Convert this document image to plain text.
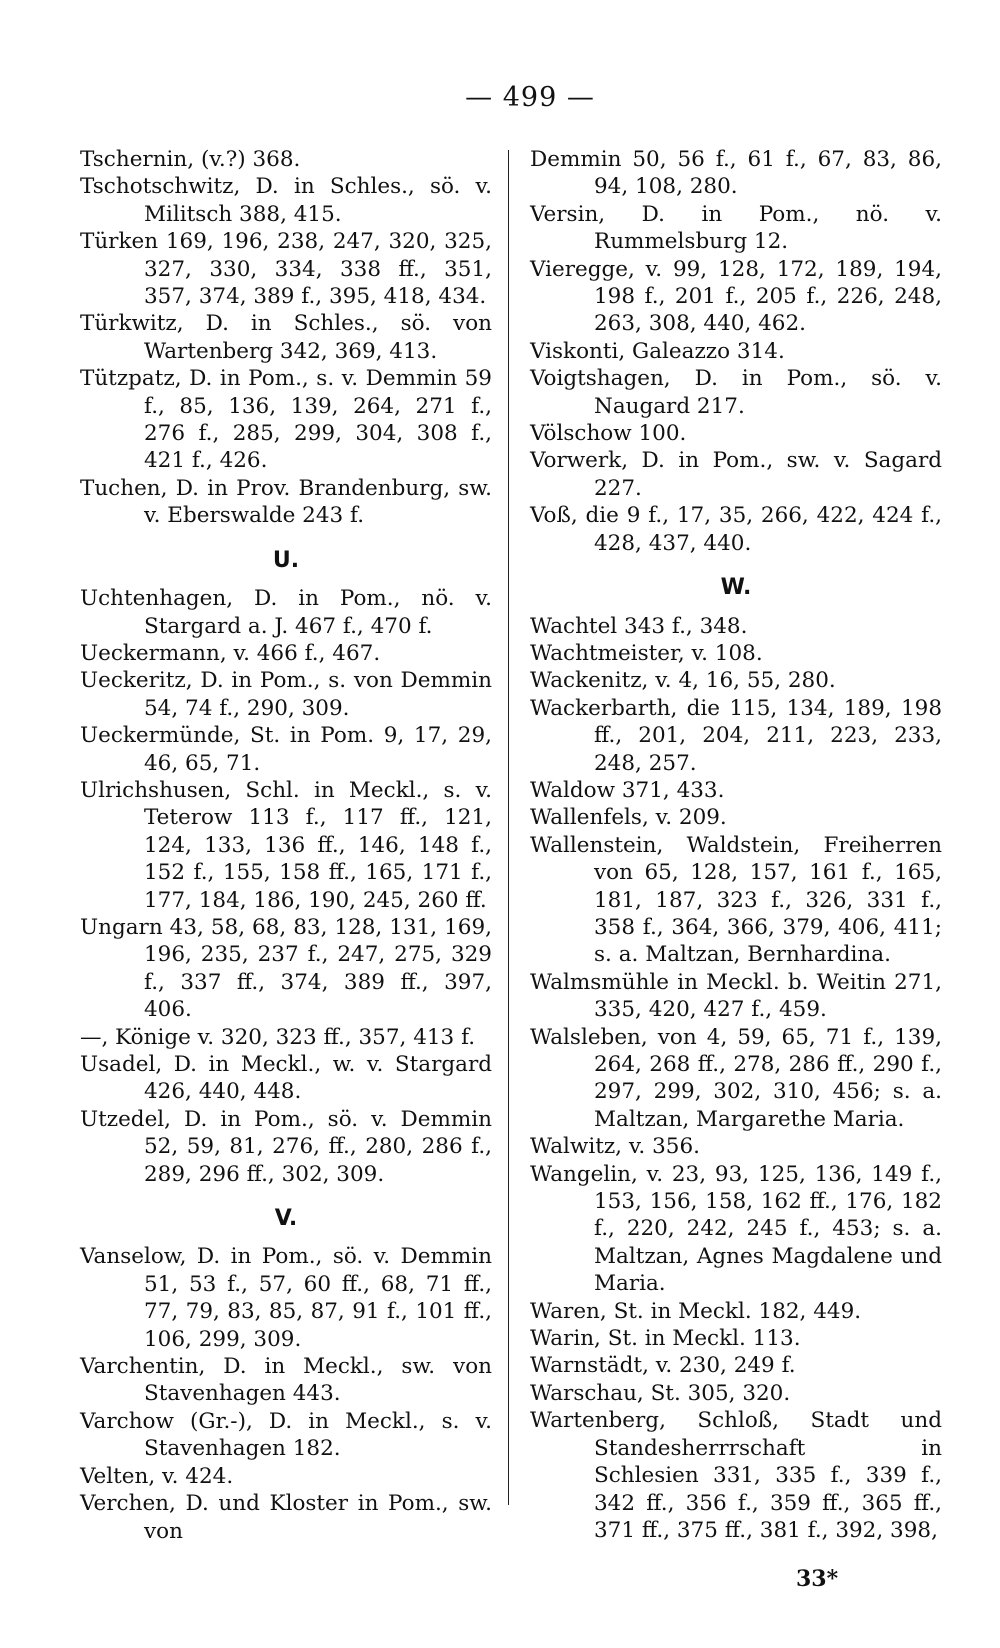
— 499 —
Tschernin, (v.?) 368.
Tschotschwitz, D. in Schles., sö. v. Militsch 388, 415.
Türken 169, 196, 238, 247, 320, 325, 327, 330, 334, 338 ff., 351, 357, 374, 389 f., 395, 418, 434.
Türkwitz, D. in Schles., sö. von Wartenberg 342, 369, 413.
Tützpatz, D. in Pom., s. v. Demmin 59 f., 85, 136, 139, 264, 271 f., 276 f., 285, 299, 304, 308 f., 421 f., 426.
Tuchen, D. in Prov. Brandenburg, sw. v. Eberswalde 243 f.
U.
Uchtenhagen, D. in Pom., nö. v. Stargard a. J. 467 f., 470 f.
Ueckermann, v. 466 f., 467.
Ueckeritz, D. in Pom., s. von Demmin 54, 74 f., 290, 309.
Ueckermünde, St. in Pom. 9, 17, 29, 46, 65, 71.
Ulrichshusen, Schl. in Meckl., s. v. Teterow 113 f., 117 ff., 121, 124, 133, 136 ff., 146, 148 f., 152 f., 155, 158 ff., 165, 171 f., 177, 184, 186, 190, 245, 260 ff.
Ungarn 43, 58, 68, 83, 128, 131, 169, 196, 235, 237 f., 247, 275, 329 f., 337 ff., 374, 389 ff., 397, 406.
—, Könige v. 320, 323 ff., 357, 413 f.
Usadel, D. in Meckl., w. v. Stargard 426, 440, 448.
Utzedel, D. in Pom., sö. v. Demmin 52, 59, 81, 276, ff., 280, 286 f., 289, 296 ff., 302, 309.
V.
Vanselow, D. in Pom., sö. v. Demmin 51, 53 f., 57, 60 ff., 68, 71 ff., 77, 79, 83, 85, 87, 91 f., 101 ff., 106, 299, 309.
Varchentin, D. in Meckl., sw. von Stavenhagen 443.
Varchow (Gr.-), D. in Meckl., s. v. Stavenhagen 182.
Velten, v. 424.
Verchen, D. und Kloster in Pom., sw. von
Demmin 50, 56 f., 61 f., 67, 83, 86, 94, 108, 280.
Versin, D. in Pom., nö. v. Rummelsburg 12.
Vieregge, v. 99, 128, 172, 189, 194, 198 f., 201 f., 205 f., 226, 248, 263, 308, 440, 462.
Viskonti, Galeazzo 314.
Voigtshagen, D. in Pom., sö. v. Naugard 217.
Völschow 100.
Vorwerk, D. in Pom., sw. v. Sagard 227.
Voß, die 9 f., 17, 35, 266, 422, 424 f., 428, 437, 440.
W.
Wachtel 343 f., 348.
Wachtmeister, v. 108.
Wackenitz, v. 4, 16, 55, 280.
Wackerbarth, die 115, 134, 189, 198 ff., 201, 204, 211, 223, 233, 248, 257.
Waldow 371, 433.
Wallenfels, v. 209.
Wallenstein, Waldstein, Freiherren von 65, 128, 157, 161 f., 165, 181, 187, 323 f., 326, 331 f., 358 f., 364, 366, 379, 406, 411; s. a. Maltzan, Bernhardina.
Walmsmühle in Meckl. b. Weitin 271, 335, 420, 427 f., 459.
Walsleben, von 4, 59, 65, 71 f., 139, 264, 268 ff., 278, 286 ff., 290 f., 297, 299, 302, 310, 456; s. a. Maltzan, Margarethe Maria.
Walwitz, v. 356.
Wangelin, v. 23, 93, 125, 136, 149 f., 153, 156, 158, 162 ff., 176, 182 f., 220, 242, 245 f., 453; s. a. Maltzan, Agnes Magdalene und Maria.
Waren, St. in Meckl. 182, 449.
Warin, St. in Meckl. 113.
Warnstädt, v. 230, 249 f.
Warschau, St. 305, 320.
Wartenberg, Schloß, Stadt und Standesherrrschaft in Schlesien 331, 335 f., 339 f., 342 ff., 356 f., 359 ff., 365 ff., 371 ff., 375 ff., 381 f., 392, 398,
33*
